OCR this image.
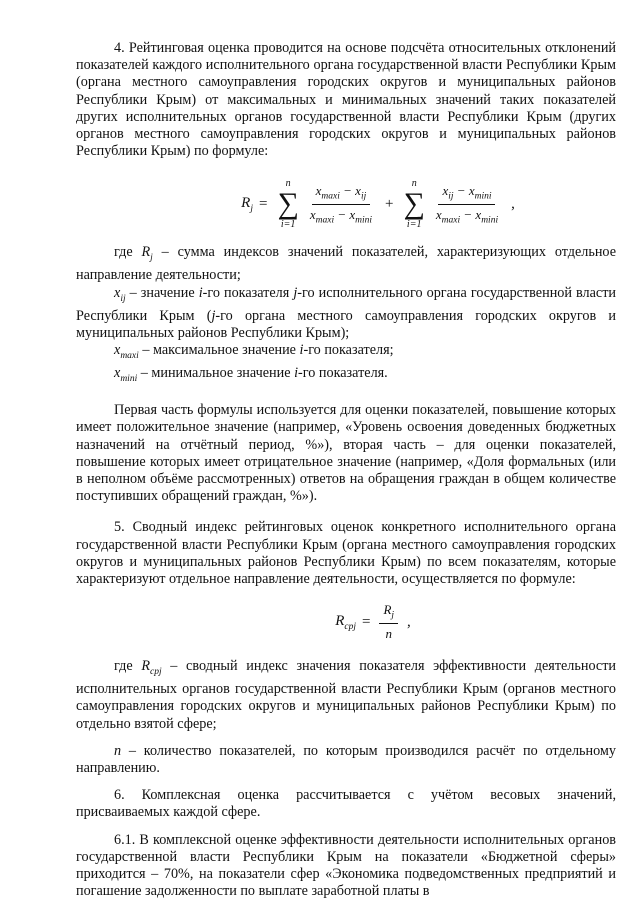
4. Рейтинговая оценка проводится на основе подсчёта относительных отклонений показателей каждого исполнительного органа государственной власти Республики Крым (органа местного самоуправления городских округов и муниципальных районов Республики Крым) от максимальных и минимальных значений таких показателей других исполнительных органов государственной власти Республики Крым (других органов местного самоуправления городских округов и муниципальных районов Республики Крым) по формуле:

$R_j$ =
n
∑
$i=1 \frac{x_{maxi} - x_{ij}}{x_{maxi} - x_{mini}}$ +
n
∑
$i=1 \frac{x_{ij} - x_{mini}}{x_{maxi} - x_{mini}}$ ,

где $R_j$ – сумма индексов значений показателей, характеризующих отдельное направление деятельности;

$x_{ij}$ – значение i-го показателя j-го исполнительного органа государственной власти Республики Крым (j-го органа местного самоуправления городских округов и муниципальных районов Республики Крым);

$x_{maxi}$ – максимальное значение i-го показателя;

$x_{mini}$ – минимальное значение i-го показателя.

Первая часть формулы используется для оценки показателей, повышение которых имеет положительное значение (например, «Уровень освоения доведенных бюджетных назначений на отчётный период, %»), вторая часть – для оценки показателей, повышение которых имеет отрицательное значение (например, «Доля формальных (или в неполном объёме рассмотренных) ответов на обращения граждан в общем количестве поступивших обращений граждан, %»).

5. Сводный индекс рейтинговых оценок конкретного исполнительного органа государственной власти Республики Крым (органа местного самоуправления городских округов и муниципальных районов Республики Крым) по всем показателям, которые характеризуют отдельное направление деятельности, осуществляется по формуле:

$R_{срj} = \frac{R_j}{n}$ ,

где $R_{срj}$ – сводный индекс значения показателя эффективности деятельности исполнительных органов государственной власти Республики Крым (органов местного самоуправления городских округов и муниципальных районов Республики Крым) по отдельно взятой сфере;

n – количество показателей, по которым производился расчёт по отдельному направлению.

6. Комплексная оценка рассчитывается с учётом весовых значений, присваиваемых каждой сфере.

6.1. В комплексной оценке эффективности деятельности исполнительных органов государственной власти Республики Крым на показатели «Бюджетной сферы» приходится – 70%, на показатели сфер «Экономика подведомственных предприятий и погашение задолженности по выплате заработной платы в
